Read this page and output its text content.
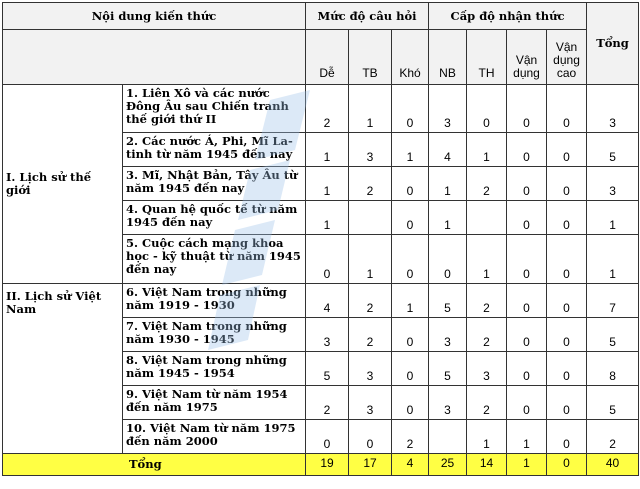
Nội dung kiến thức		Mức độ câu hỏi			Cấp độ nhận thức				Tổng
		Dễ	TB	Khó	NB	TH	Vận dụng	Vận dụng cao	
I. Lịch sử thế giới	1. Liên Xô và các nước Đông Âu sau Chiến tranh thế giới thứ II	2	1	0	3	0	0	0	3
	2. Các nước Á, Phi, Mĩ La-tinh từ năm 1945 đến nay	1	3	1	4	1	0	0	5
	3. Mĩ, Nhật Bản, Tây Âu từ năm 1945 đến nay	1	2	0	1	2	0	0	3
	4. Quan hệ quốc tế từ năm 1945 đến nay	1		0	1		0	0	1
	5. Cuộc cách mạng khoa học - kỹ thuật từ năm 1945 đến nay	0	1	0	0	1	0	0	1
II. Lịch sử Việt Nam	6. Việt Nam trong những năm 1919 - 1930	4	2	1	5	2	0	0	7
	7. Việt Nam trong những năm 1930 - 1945	3	2	0	3	2	0	0	5
	8. Việt Nam trong những năm 1945 - 1954	5	3	0	5	3	0	0	8
	9. Việt Nam từ năm 1954 đến năm 1975	2	3	0	3	2	0	0	5
	10. Việt Nam từ năm 1975 đến năm 2000	0	0	2		1	1	0	2
Tổng		19	17	4	25	14	1	0	40
